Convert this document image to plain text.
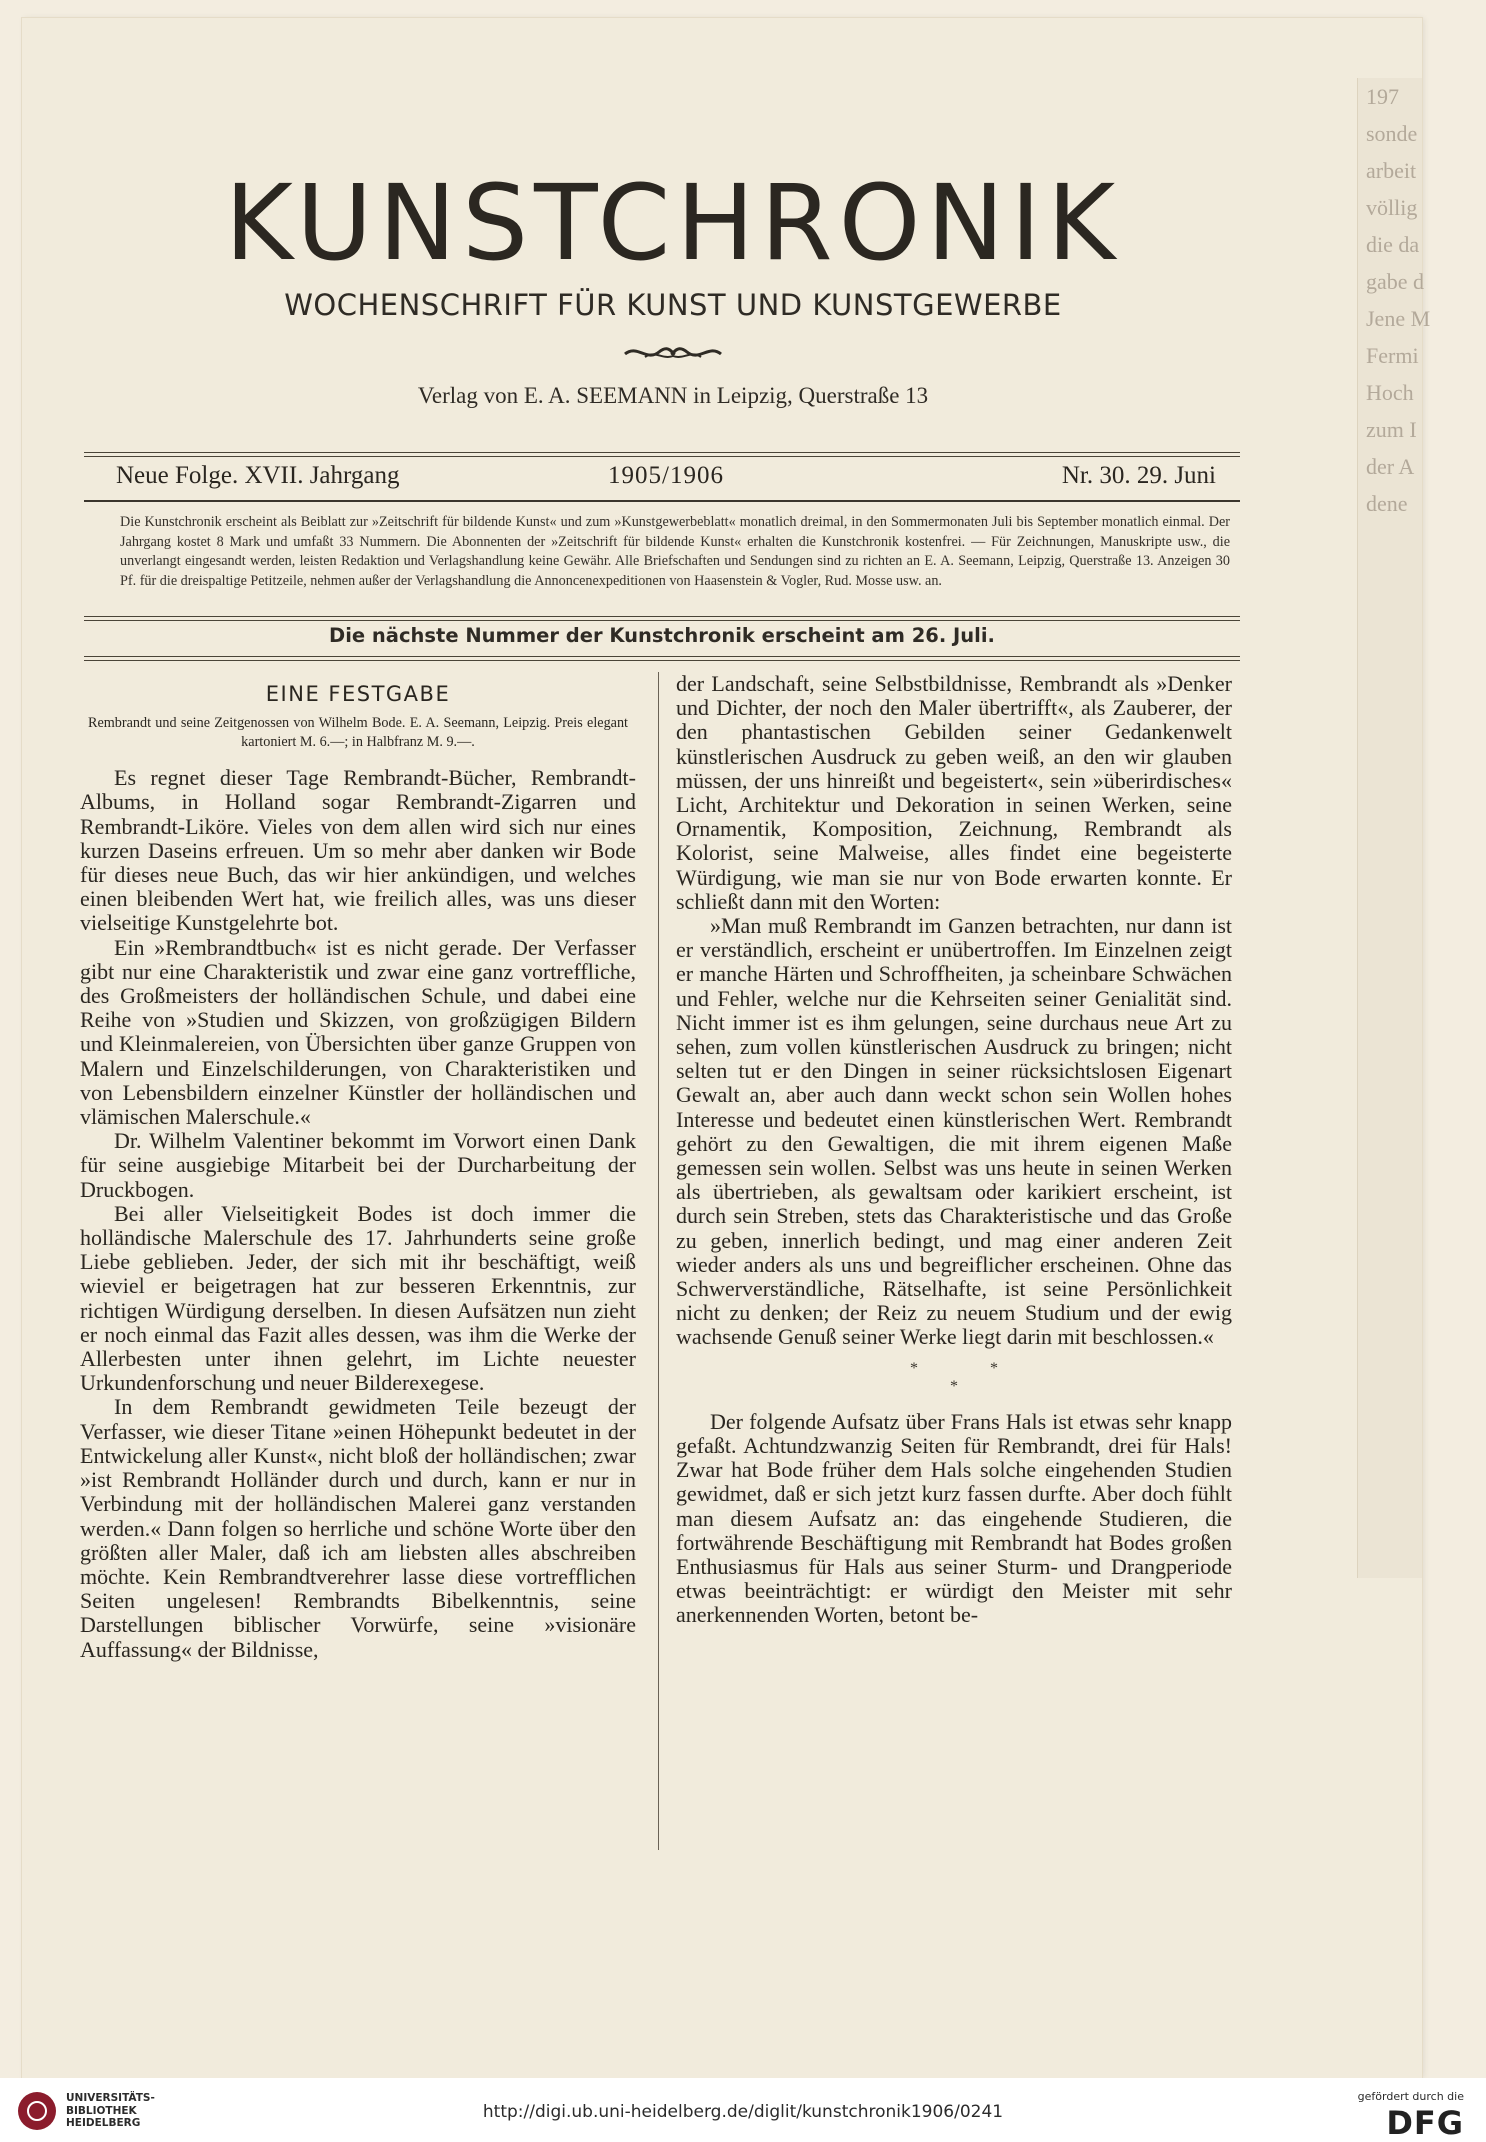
197
sonde
arbeit
völlig
die da
gabe d
Jene M
Fermi
Hoch
zum I
der A
dene
KUNSTCHRONIK
WOCHENSCHRIFT FÜR KUNST UND KUNSTGEWERBE
Verlag von E. A. SEEMANN in Leipzig, Querstraße 13
Neue Folge. XVII. Jahrgang	1905/1906	Nr. 30. 29. Juni
Die Kunstchronik erscheint als Beiblatt zur »Zeitschrift für bildende Kunst« und zum »Kunstgewerbeblatt« monatlich dreimal, in den Sommermonaten Juli bis September monatlich einmal. Der Jahrgang kostet 8 Mark und umfaßt 33 Nummern. Die Abonnenten der »Zeitschrift für bildende Kunst« erhalten die Kunstchronik kostenfrei. — Für Zeichnungen, Manuskripte usw., die unverlangt eingesandt werden, leisten Redaktion und Verlagshandlung keine Gewähr. Alle Briefschaften und Sendungen sind zu richten an E. A. Seemann, Leipzig, Querstraße 13. Anzeigen 30 Pf. für die dreispaltige Petitzeile, nehmen außer der Verlagshandlung die Annoncenexpeditionen von Haasenstein & Vogler, Rud. Mosse usw. an.
Die nächste Nummer der Kunstchronik erscheint am 26. Juli.
EINE FESTGABE

Rembrandt und seine Zeitgenossen von Wilhelm Bode. E. A. Seemann, Leipzig. Preis elegant kartoniert M. 6.—; in Halbfranz M. 9.—.

Es regnet dieser Tage Rembrandt-Bücher, Rembrandt-Albums, in Holland sogar Rembrandt-Zigarren und Rembrandt-Liköre. Vieles von dem allen wird sich nur eines kurzen Daseins erfreuen. Um so mehr aber danken wir Bode für dieses neue Buch, das wir hier ankündigen, und welches einen bleibenden Wert hat, wie freilich alles, was uns dieser vielseitige Kunstgelehrte bot.

Ein »Rembrandtbuch« ist es nicht gerade. Der Verfasser gibt nur eine Charakteristik und zwar eine ganz vortreffliche, des Großmeisters der holländischen Schule, und dabei eine Reihe von »Studien und Skizzen, von großzügigen Bildern und Kleinmalereien, von Übersichten über ganze Gruppen von Malern und Einzelschilderungen, von Charakteristiken und von Lebensbildern einzelner Künstler der holländischen und vlämischen Malerschule.«

Dr. Wilhelm Valentiner bekommt im Vorwort einen Dank für seine ausgiebige Mitarbeit bei der Durcharbeitung der Druckbogen.

Bei aller Vielseitigkeit Bodes ist doch immer die holländische Malerschule des 17. Jahrhunderts seine große Liebe geblieben. Jeder, der sich mit ihr beschäftigt, weiß wieviel er beigetragen hat zur besseren Erkenntnis, zur richtigen Würdigung derselben. In diesen Aufsätzen nun zieht er noch einmal das Fazit alles dessen, was ihm die Werke der Allerbesten unter ihnen gelehrt, im Lichte neuester Urkundenforschung und neuer Bilderexegese.

In dem Rembrandt gewidmeten Teile bezeugt der Verfasser, wie dieser Titane »einen Höhepunkt bedeutet in der Entwickelung aller Kunst«, nicht bloß der holländischen; zwar »ist Rembrandt Holländer durch und durch, kann er nur in Verbindung mit der holländischen Malerei ganz verstanden werden.« Dann folgen so herrliche und schöne Worte über den größten aller Maler, daß ich am liebsten alles abschreiben möchte. Kein Rembrandtverehrer lasse diese vortrefflichen Seiten ungelesen! Rembrandts Bibelkenntnis, seine Darstellungen biblischer Vorwürfe, seine »visionäre Auffassung« der Bildnisse,

der Landschaft, seine Selbstbildnisse, Rembrandt als »Denker und Dichter, der noch den Maler übertrifft«, als Zauberer, der den phantastischen Gebilden seiner Gedankenwelt künstlerischen Ausdruck zu geben weiß, an den wir glauben müssen, der uns hinreißt und begeistert«, sein »überirdisches« Licht, Architektur und Dekoration in seinen Werken, seine Ornamentik, Komposition, Zeichnung, Rembrandt als Kolorist, seine Malweise, alles findet eine begeisterte Würdigung, wie man sie nur von Bode erwarten konnte. Er schließt dann mit den Worten:

»Man muß Rembrandt im Ganzen betrachten, nur dann ist er verständlich, erscheint er unübertroffen. Im Einzelnen zeigt er manche Härten und Schroffheiten, ja scheinbare Schwächen und Fehler, welche nur die Kehrseiten seiner Genialität sind. Nicht immer ist es ihm gelungen, seine durchaus neue Art zu sehen, zum vollen künstlerischen Ausdruck zu bringen; nicht selten tut er den Dingen in seiner rücksichtslosen Eigenart Gewalt an, aber auch dann weckt schon sein Wollen hohes Interesse und bedeutet einen künstlerischen Wert. Rembrandt gehört zu den Gewaltigen, die mit ihrem eigenen Maße gemessen sein wollen. Selbst was uns heute in seinen Werken als übertrieben, als gewaltsam oder karikiert erscheint, ist durch sein Streben, stets das Charakteristische und das Große zu geben, innerlich bedingt, und mag einer anderen Zeit wieder anders als uns und begreiflicher erscheinen. Ohne das Schwerverständliche, Rätselhafte, ist seine Persönlichkeit nicht zu denken; der Reiz zu neuem Studium und der ewig wachsende Genuß seiner Werke liegt darin mit beschlossen.«

*	*
*

Der folgende Aufsatz über Frans Hals ist etwas sehr knapp gefaßt. Achtundzwanzig Seiten für Rembrandt, drei für Hals! Zwar hat Bode früher dem Hals solche eingehenden Studien gewidmet, daß er sich jetzt kurz fassen durfte. Aber doch fühlt man diesem Aufsatz an: das eingehende Studieren, die fortwährende Beschäftigung mit Rembrandt hat Bodes großen Enthusiasmus für Hals aus seiner Sturm- und Drangperiode etwas beeinträchtigt: er würdigt den Meister mit sehr anerkennenden Worten, betont be-

UNIVERSITÄTS-
BIBLIOTHEK
HEIDELBERG
http://digi.ub.uni-heidelberg.de/diglit/kunstchronik1906/0241
gefördert durch die
DFG
